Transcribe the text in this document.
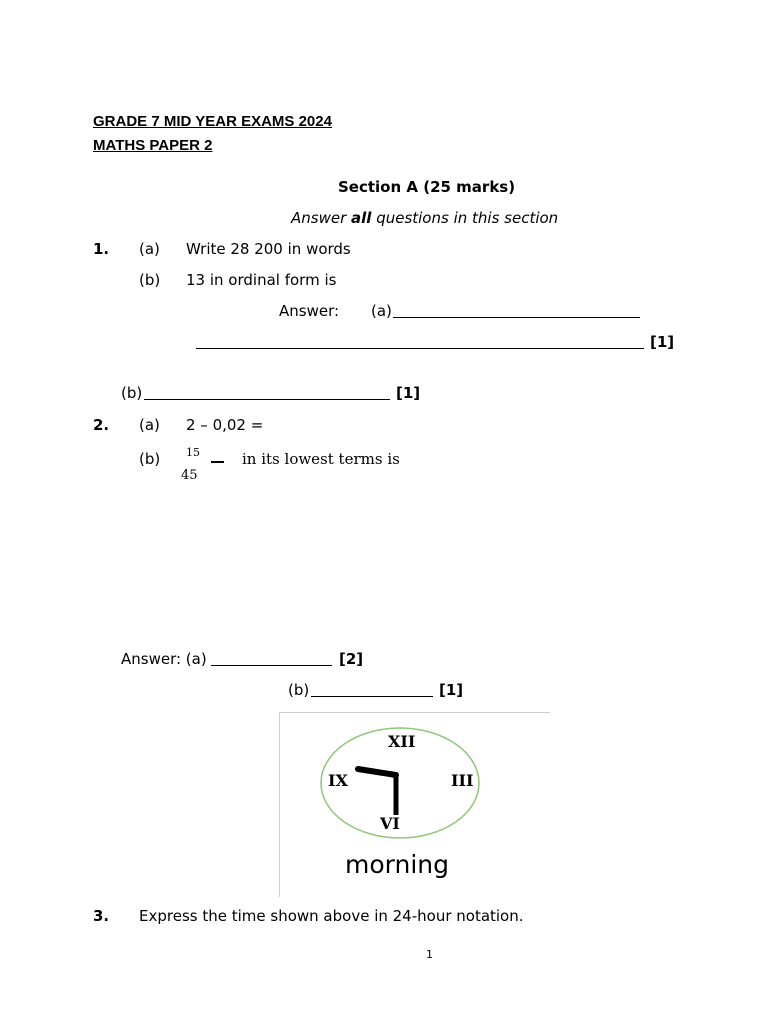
GRADE 7 MID YEAR EXAMS 2024
MATHS PAPER 2
Section A (25 marks)
Answer all questions in this section
1. (a) Write 28 200 in words
(b) 13 in ordinal form is
Answer: (a)
[1]
(b)	[1]
2. (a) 2 – 0,02 =
(b) 15
45
in its lowest terms is
Answer: (a)	[2]
(b)	[1]
XII
III
VI
IX
morning
3. Express the time shown above in 24-hour notation.
1
